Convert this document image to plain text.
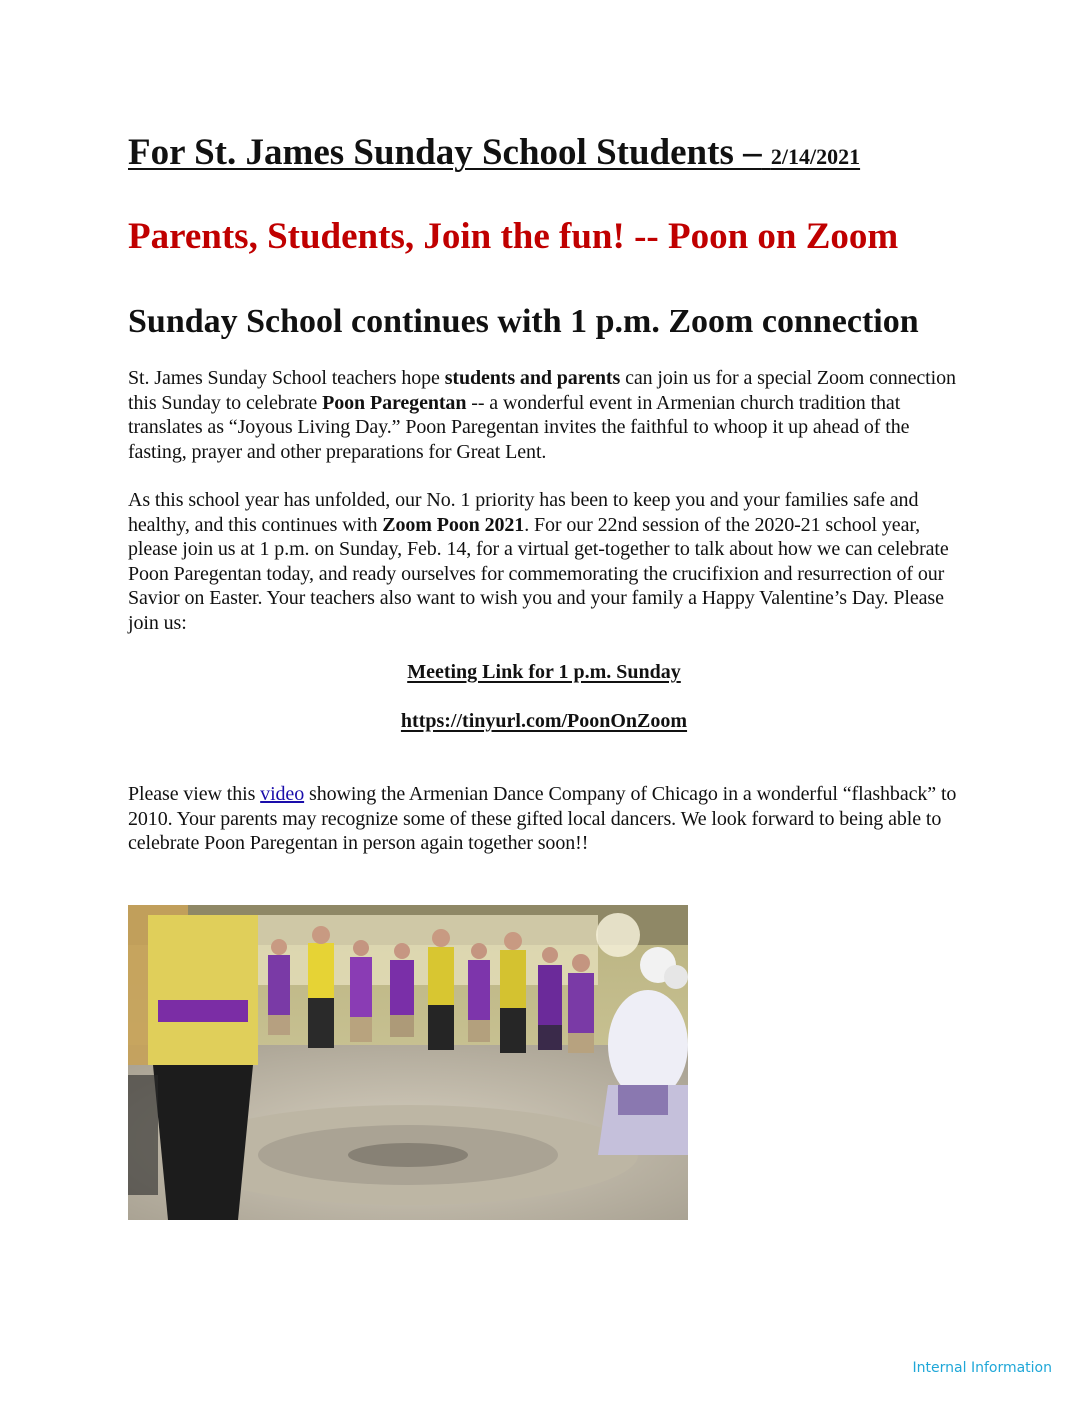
For St. James Sunday School Students – 2/14/2021
Parents, Students, Join the fun! -- Poon on Zoom
Sunday School continues with 1 p.m. Zoom connection

St. James Sunday School teachers hope students and parents can join us for a special Zoom connection this Sunday to celebrate Poon Paregentan -- a wonderful event in Armenian church tradition that translates as “Joyous Living Day.” Poon Paregentan invites the faithful to whoop it up ahead of the fasting, prayer and other preparations for Great Lent.

As this school year has unfolded, our No. 1 priority has been to keep you and your families safe and healthy, and this continues with Zoom Poon 2021. For our 22nd session of the 2020-21 school year, please join us at 1 p.m. on Sunday, Feb. 14, for a virtual get-together to talk about how we can celebrate Poon Paregentan today, and ready ourselves for commemorating the crucifixion and resurrection of our Savior on Easter. Your teachers also want to wish you and your family a Happy Valentine’s Day. Please join us:

Meeting Link for 1 p.m. Sunday

https://tinyurl.com/PoonOnZoom

Please view this video showing the Armenian Dance Company of Chicago in a wonderful “flashback” to 2010. Your parents may recognize some of these gifted local dancers. We look forward to being able to celebrate Poon Paregentan in person again together soon!!

Internal Information
